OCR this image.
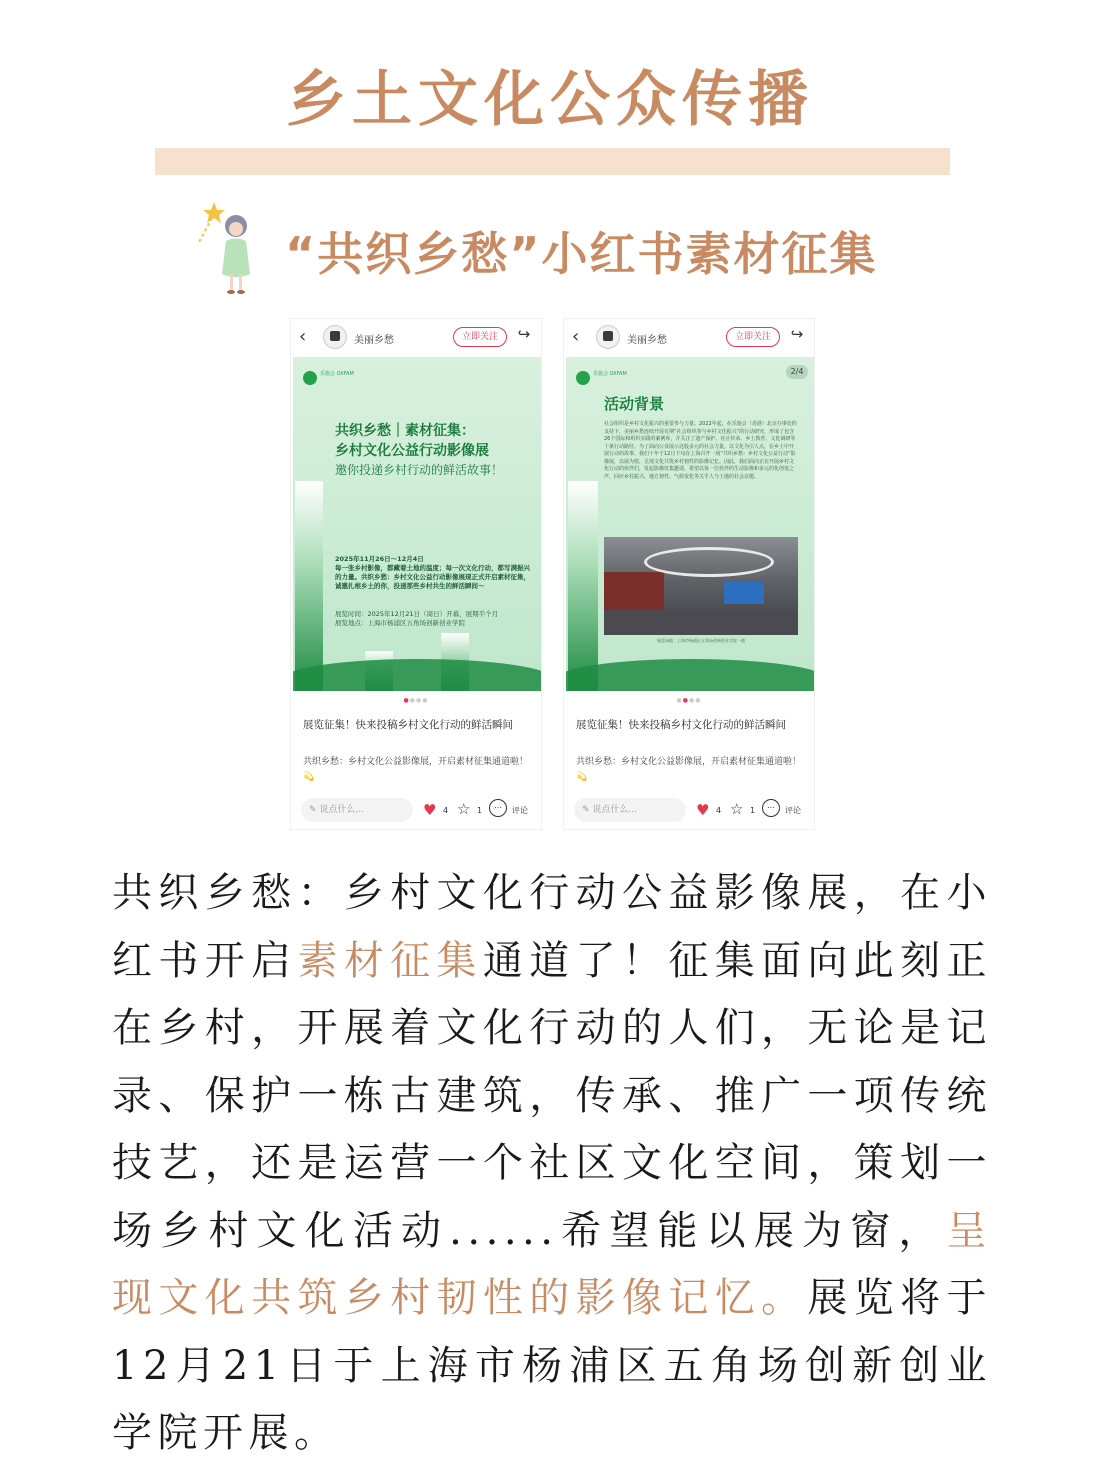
乡土文化公众传播
“共织乡愁”小红书素材征集
‹	美丽乡愁	立即关注	↪
乐施会 OXFAM
共织乡愁｜素材征集：
乡村文化公益行动影像展
邀你投递乡村行动的鲜活故事！
2025年11月26日～12月4日
每一张乡村影像，都藏着土地的温度；每一次文化行动，都写满振兴的力量。共织乡愁：乡村文化公益行动影像展现正式开启素材征集，诚邀扎根乡土的你，投递那些乡村共生的鲜活瞬间～
展览时间：2025年12月21日（周日）开幕，展期半个月
展览地点：上海市杨浦区五角场创新创业学院
●●●●
展览征集！快来投稿乡村文化行动的鲜活瞬间
共织乡愁：乡村文化公益影像展，开启素材征集通道啦！💫
✎ 说点什么...	♥ 4 ☆ 1
…
评论
‹	美丽乡愁	立即关注	↪
乐施会 OXFAM	2/4
活动背景
社会组织是乡村文化振兴的重要参与力量。2022年起，在乐施会（香港）北京办事处的支持下，美丽乡愁连续开展有期“社会组织参与乡村文化振兴”的行动研究，形成了包含26个国际和组织实践的案例库，并关注了遗产保护、社区传承、乡土教育、文化调研等十条行动路径。为了面向公众展示这股多元的社会力量，以文化为引人点，在乡土中开展行动的故事，我们十年于12月下旬在上海召开一场“共织乡愁：乡村文化公益行动”影像展，以展为窗，呈现文化共筑乡村韧性的影像记忆。因此，我们面向正在开展乡村文化行动的伙伴们，发起影像征集邀请，希望以每一位伙伴的生动影像和多元的化创变之声，回应乡村振兴、地方韧性、气候变化等关乎人与土地的社会议题。
展览场地：上海市杨浦区五角场创新创业学院一楼
●●●●
展览征集！快来投稿乡村文化行动的鲜活瞬间
共织乡愁：乡村文化公益影像展，开启素材征集通道啦！💫
✎ 说点什么...	♥ 4 ☆ 1
…
评论
共织乡愁：乡村文化行动公益影像展，在小红书开启素材征集通道了！征集面向此刻正在乡村，开展着文化行动的人们，无论是记录、保护一栋古建筑，传承、推广一项传统技艺，还是运营一个社区文化空间，策划一场乡村文化活动......希望能以展为窗，呈现文化共筑乡村韧性的影像记忆。展览将于12月21日于上海市杨浦区五角场创新创业学院开展。
